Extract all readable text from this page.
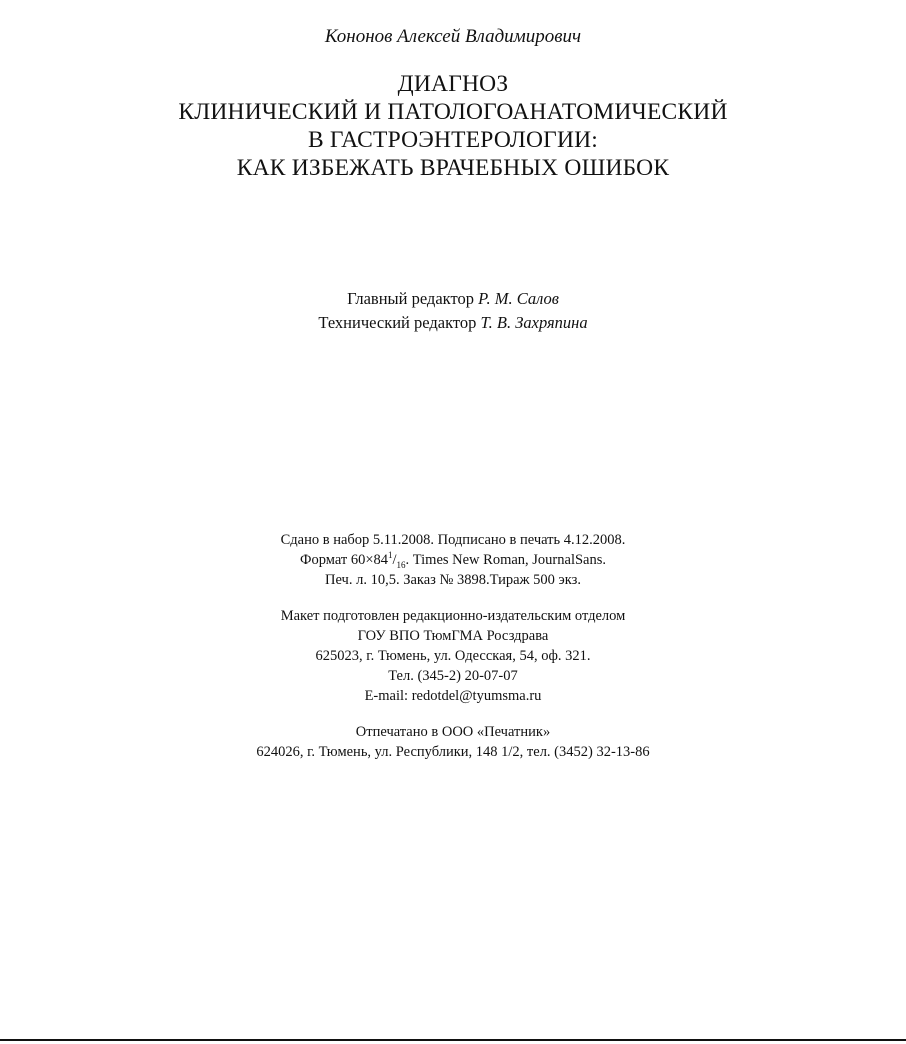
Кононов Алексей Владимирович
ДИАГНОЗ
КЛИНИЧЕСКИЙ И ПАТОЛОГОАНАТОМИЧЕСКИЙ
В ГАСТРОЭНТЕРОЛОГИИ:
КАК ИЗБЕЖАТЬ ВРАЧЕБНЫХ ОШИБОК
Главный редактор Р. М. Салов
Технический редактор Т. В. Захряпина
Сдано в набор 5.11.2008. Подписано в печать 4.12.2008.
Формат $60\times 84^1/_{16}$. Times New Roman, JournalSans.
Печ. л. 10,5. Заказ № 3898.Тираж 500 экз.
Макет подготовлен редакционно-издательским отделом
ГОУ ВПО ТюмГМА Росздрава
625023, г. Тюмень, ул. Одесская, 54, оф. 321.
Тел. (345-2) 20-07-07
E-mail: redotdel@tyumsma.ru
Отпечатано в ООО «Печатник»
624026, г. Тюмень, ул. Республики, 148 1/2, тел. (3452) 32-13-86
